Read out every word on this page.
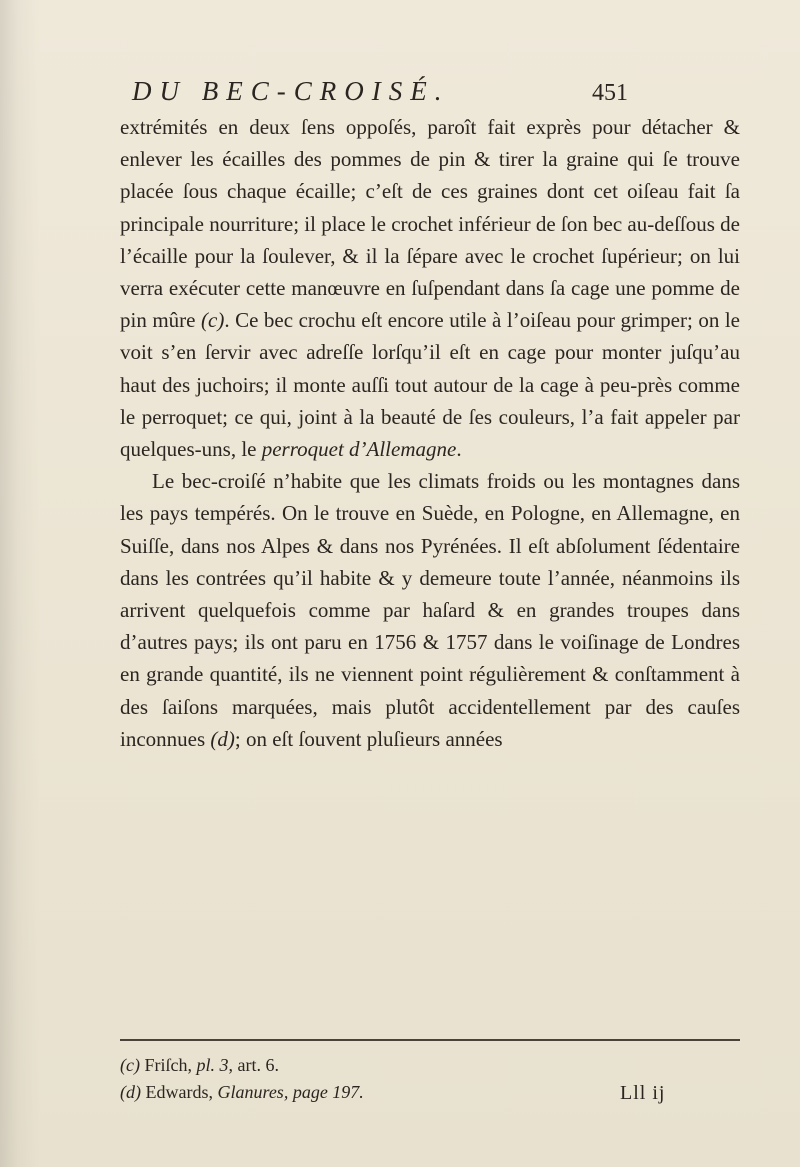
DU BEC-CROISÉ.	451

extrémités en deux ſens oppoſés, paroît fait exprès pour détacher & enlever les écailles des pommes de pin & tirer la graine qui ſe trouve placée ſous chaque écaille; c’eſt de ces graines dont cet oiſeau fait ſa principale nourriture; il place le crochet inférieur de ſon bec au-deſſous de l’écaille pour la ſoulever, & il la ſépare avec le crochet ſupérieur; on lui verra exécuter cette manœuvre en ſuſpendant dans ſa cage une pomme de pin mûre (c). Ce bec crochu eſt encore utile à l’oiſeau pour grimper; on le voit s’en ſervir avec adreſſe lorſqu’il eſt en cage pour monter juſqu’au haut des juchoirs; il monte auſſi tout autour de la cage à peu-près comme le perroquet; ce qui, joint à la beauté de ſes couleurs, l’a fait appeler par quelques-uns, le perroquet d’Allemagne.

Le bec-croiſé n’habite que les climats froids ou les montagnes dans les pays tempérés. On le trouve en Suède, en Pologne, en Allemagne, en Suiſſe, dans nos Alpes & dans nos Pyrénées. Il eſt abſolument ſédentaire dans les contrées qu’il habite & y demeure toute l’année, néanmoins ils arrivent quelquefois comme par haſard & en grandes troupes dans d’autres pays; ils ont paru en 1756 & 1757 dans le voiſinage de Londres en grande quantité, ils ne viennent point régulièrement & conſtamment à des ſaiſons marquées, mais plutôt accidentellement par des cauſes inconnues (d); on eſt ſouvent pluſieurs années

(c) Friſch, pl. 3, art. 6.
(d) Edwards, Glanures, page 197.	Lll ij
